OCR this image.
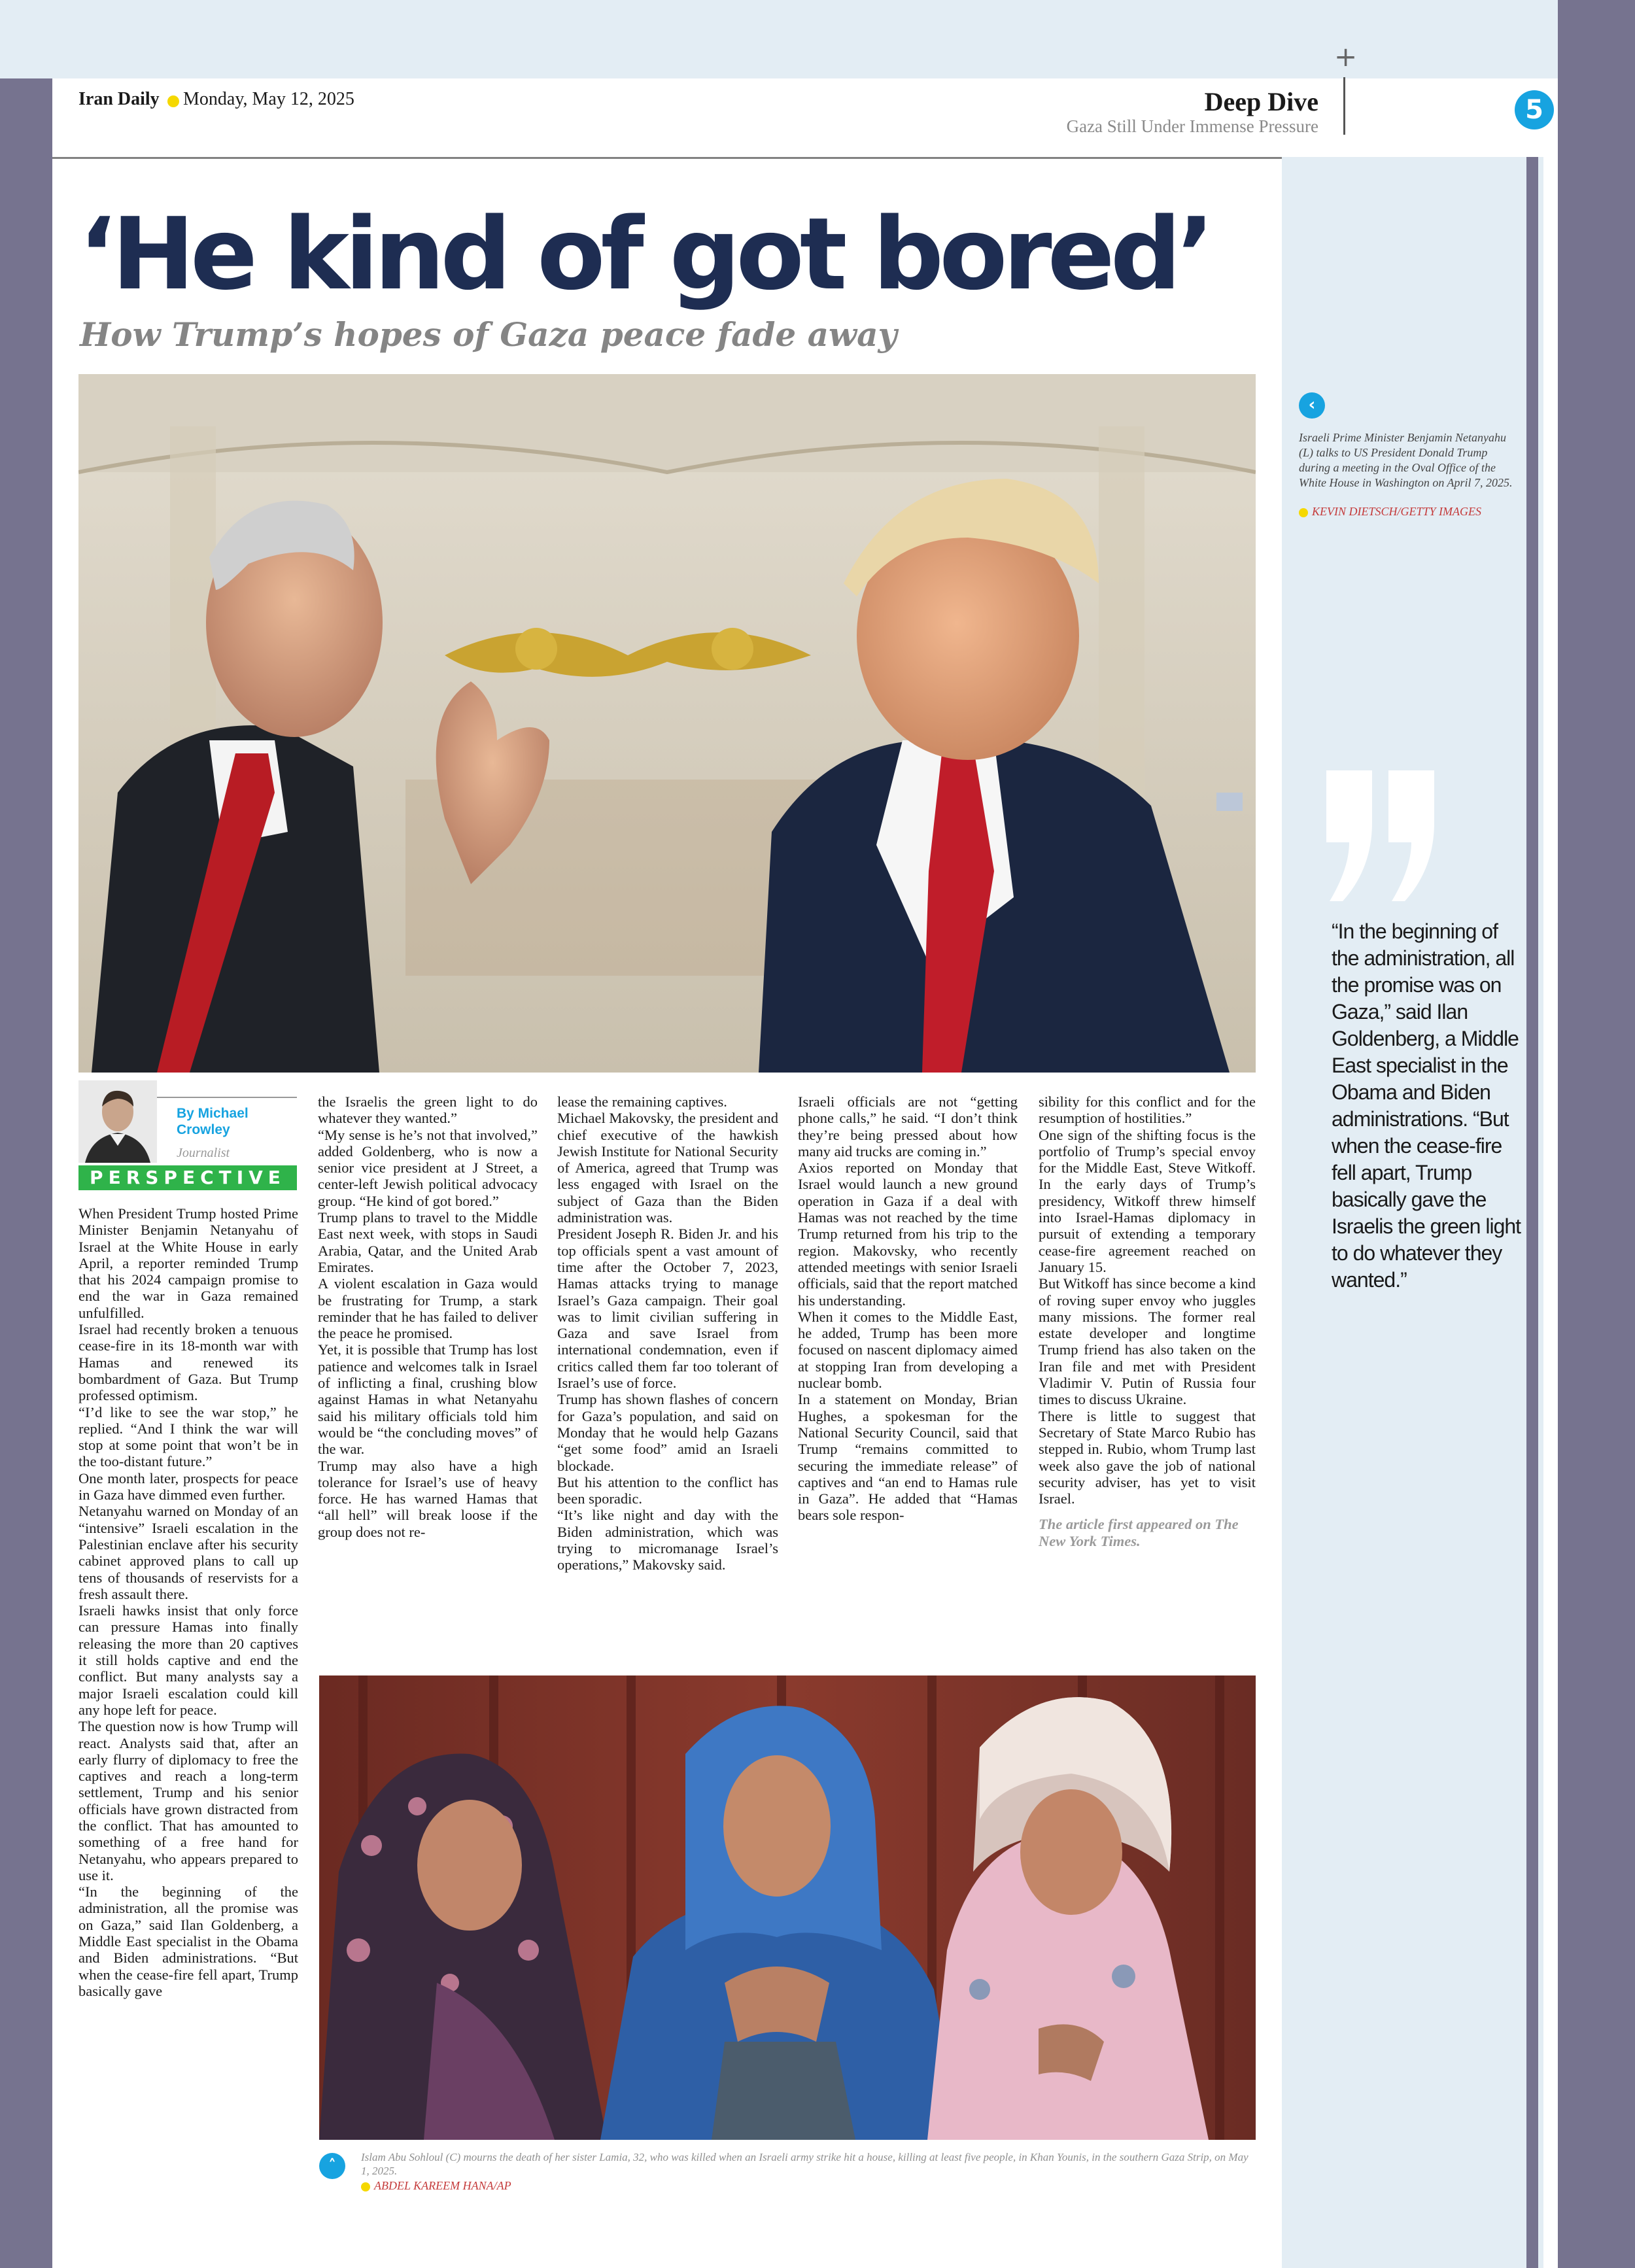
Iran Daily Monday, May 12, 2025	Deep Dive
Gaza Still Under Immense Pressure
+
5
‘He kind of got bored’
How Trump’s hopes of Gaza peace fade away
‹
Israeli Prime Minister Benjamin Netanyahu (L) talks to US President Donald Trump during a meeting in the Oval Office of the White House in Washington on April 7, 2025.
KEVIN DIETSCH/GETTY IMAGES
“In the beginning of the administration, all the promise was on Gaza,” said Ilan Goldenberg, a Middle East specialist in the Obama and Biden administrations. “But when the cease-fire fell apart, Trump basically gave the Israelis the green light to do whatever they wanted.”
By Michael Crowley
Journalist
PERSPECTIVE

When President Trump hosted Prime Minister Benjamin Netanyahu of Israel at the White House in early April, a reporter reminded Trump that his 2024 campaign promise to end the war in Gaza remained unfulfilled.

Israel had recently broken a tenuous cease-fire in its 18-month war with Hamas and renewed its bombardment of Gaza. But Trump professed optimism.

“I’d like to see the war stop,” he replied. “And I think the war will stop at some point that won’t be in the too-distant future.”

One month later, prospects for peace in Gaza have dimmed even further.

Netanyahu warned on Monday of an “intensive” Israeli escalation in the Palestinian enclave after his security cabinet approved plans to call up tens of thousands of reservists for a fresh assault there.

Israeli hawks insist that only force can pressure Hamas into finally releasing the more than 20 captives it still holds captive and end the conflict. But many analysts say a major Israeli escalation could kill any hope left for peace.

The question now is how Trump will react. Analysts said that, after an early flurry of diplomacy to free the captives and reach a long-term settlement, Trump and his senior officials have grown distracted from the conflict. That has amounted to something of a free hand for Netanyahu, who appears prepared to use it.

“In the beginning of the administration, all the promise was on Gaza,” said Ilan Goldenberg, a Middle East specialist in the Obama and Biden administrations. “But when the cease-fire fell apart, Trump basically gave

the Israelis the green light to do whatever they wanted.”

“My sense is he’s not that involved,” added Goldenberg, who is now a senior vice president at J Street, a center-left Jewish political advocacy group. “He kind of got bored.”

Trump plans to travel to the Middle East next week, with stops in Saudi Arabia, Qatar, and the United Arab Emirates.

A violent escalation in Gaza would be frustrating for Trump, a stark reminder that he has failed to deliver the peace he promised.

Yet, it is possible that Trump has lost patience and welcomes talk in Israel of inflicting a final, crushing blow against Hamas in what Netanyahu said his military officials told him would be “the concluding moves” of the war.

Trump may also have a high tolerance for Israel’s use of heavy force. He has warned Hamas that “all hell” will break loose if the group does not re-

lease the remaining captives.

Michael Makovsky, the president and chief executive of the hawkish Jewish Institute for National Security of America, agreed that Trump was less engaged with Israel on the subject of Gaza than the Biden administration was.

President Joseph R. Biden Jr. and his top officials spent a vast amount of time after the October 7, 2023, Hamas attacks trying to manage Israel’s Gaza campaign. Their goal was to limit civilian suffering in Gaza and save Israel from international condemnation, even if critics called them far too tolerant of Israel’s use of force.

Trump has shown flashes of concern for Gaza’s population, and said on Monday that he would help Gazans “get some food” amid an Israeli blockade.

But his attention to the conflict has been sporadic.

“It’s like night and day with the Biden administration, which was trying to micromanage Israel’s operations,” Makovsky said.

Israeli officials are not “getting phone calls,” he said. “I don’t think they’re being pressed about how many aid trucks are coming in.”

Axios reported on Monday that Israel would launch a new ground operation in Gaza if a deal with Hamas was not reached by the time Trump returned from his trip to the region. Makovsky, who recently attended meetings with senior Israeli officials, said that the report matched his understanding.

When it comes to the Middle East, he added, Trump has been more focused on nascent diplomacy aimed at stopping Iran from developing a nuclear bomb.

In a statement on Monday, Brian Hughes, a spokesman for the National Security Council, said that Trump “remains committed to securing the immediate release” of captives and “an end to Hamas rule in Gaza”. He added that “Hamas bears sole respon-

sibility for this conflict and for the resumption of hostilities.”

One sign of the shifting focus is the portfolio of Trump’s special envoy for the Middle East, Steve Witkoff. In the early days of Trump’s presidency, Witkoff threw himself into Israel-Hamas diplomacy in pursuit of extending a temporary cease-fire agreement reached on January 15.

But Witkoff has since become a kind of roving super envoy who juggles many missions. The former real estate developer and longtime Trump friend has also taken on the Iran file and met with President Vladimir V. Putin of Russia four times to discuss Ukraine.

There is little to suggest that Secretary of State Marco Rubio has stepped in. Rubio, whom Trump last week also gave the job of national security adviser, has yet to visit Israel.

The article first appeared on The New York Times.

˄	Islam Abu Sohloul (C) mourns the death of her sister Lamia, 32, who was killed when an Israeli army strike hit a house, killing at least five people, in Khan Younis, in the southern Gaza Strip, on May 1, 2025.
ABDEL KAREEM HANA/AP
